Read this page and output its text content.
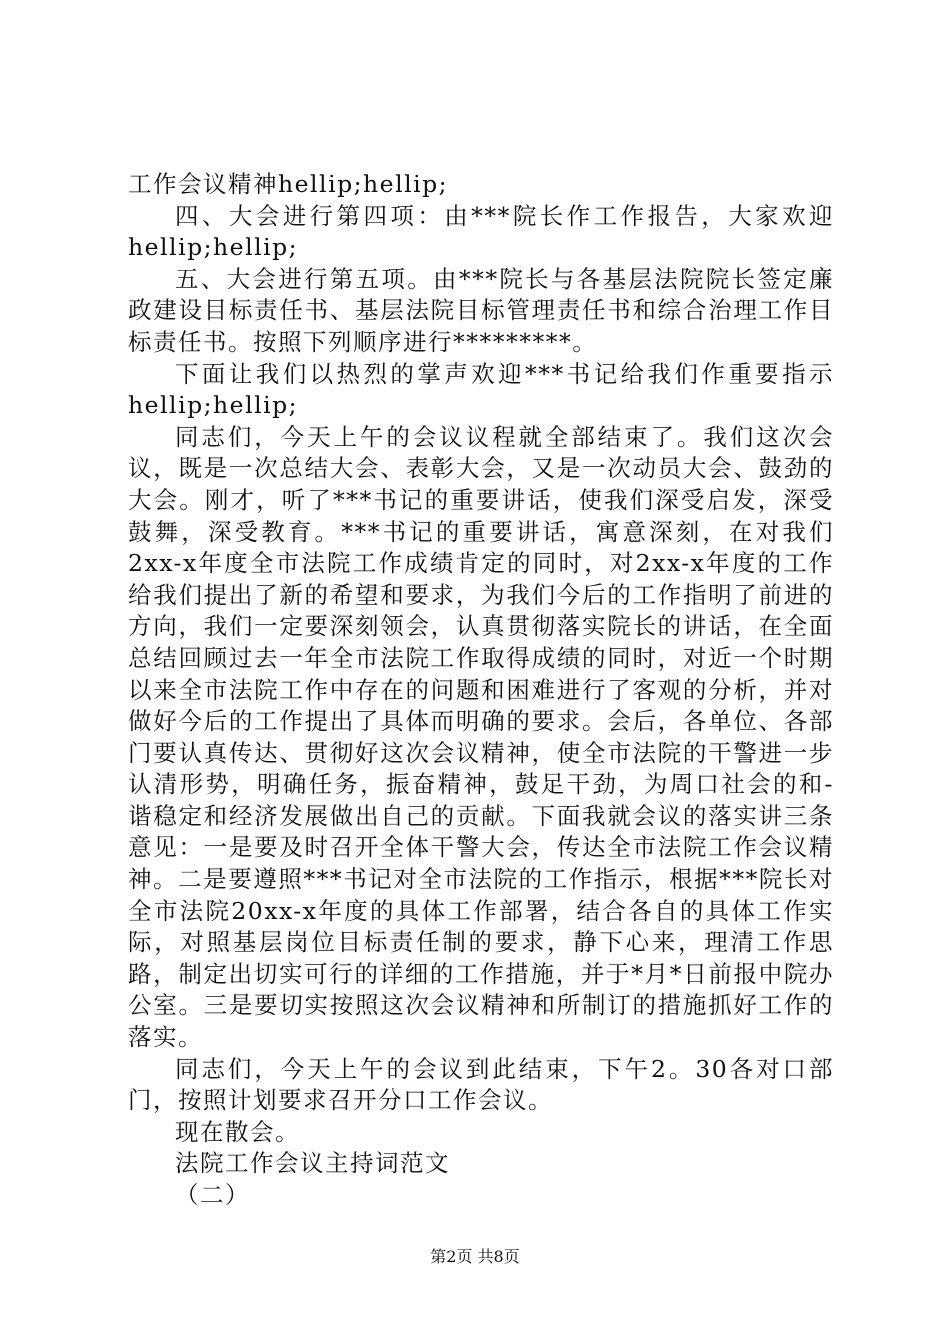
工作会议精神hellip;hellip;

四、大会进行第四项：由***院长作工作报告，大家欢迎hellip;hellip;

五、大会进行第五项。由***院长与各基层法院院长签定廉政建设目标责任书、基层法院目标管理责任书和综合治理工作目标责任书。按照下列顺序进行*********。

下面让我们以热烈的掌声欢迎***书记给我们作重要指示hellip;hellip;

同志们，今天上午的会议议程就全部结束了。我们这次会议，既是一次总结大会、表彰大会，又是一次动员大会、鼓劲的大会。刚才，听了***书记的重要讲话，使我们深受启发，深受鼓舞，深受教育。***书记的重要讲话，寓意深刻，在对我们2xx-x年度全市法院工作成绩肯定的同时，对2xx-x年度的工作给我们提出了新的希望和要求，为我们今后的工作指明了前进的方向，我们一定要深刻领会，认真贯彻落实院长的讲话，在全面总结回顾过去一年全市法院工作取得成绩的同时，对近一个时期以来全市法院工作中存在的问题和困难进行了客观的分析，并对做好今后的工作提出了具体而明确的要求。会后，各单位、各部门要认真传达、贯彻好这次会议精神，使全市法院的干警进一步认清形势，明确任务，振奋精神，鼓足干劲，为周口社会的和-谐稳定和经济发展做出自己的贡献。下面我就会议的落实讲三条意见：一是要及时召开全体干警大会，传达全市法院工作会议精神。二是要遵照***书记对全市法院的工作指示，根据***院长对全市法院20xx-x年度的具体工作部署，结合各自的具体工作实际，对照基层岗位目标责任制的要求，静下心来，理清工作思路，制定出切实可行的详细的工作措施，并于*月*日前报中院办公室。三是要切实按照这次会议精神和所制订的措施抓好工作的落实。

同志们，今天上午的会议到此结束，下午2。30各对口部门，按照计划要求召开分口工作会议。

现在散会。

法院工作会议主持词范文

（二）

第2页 共8页
